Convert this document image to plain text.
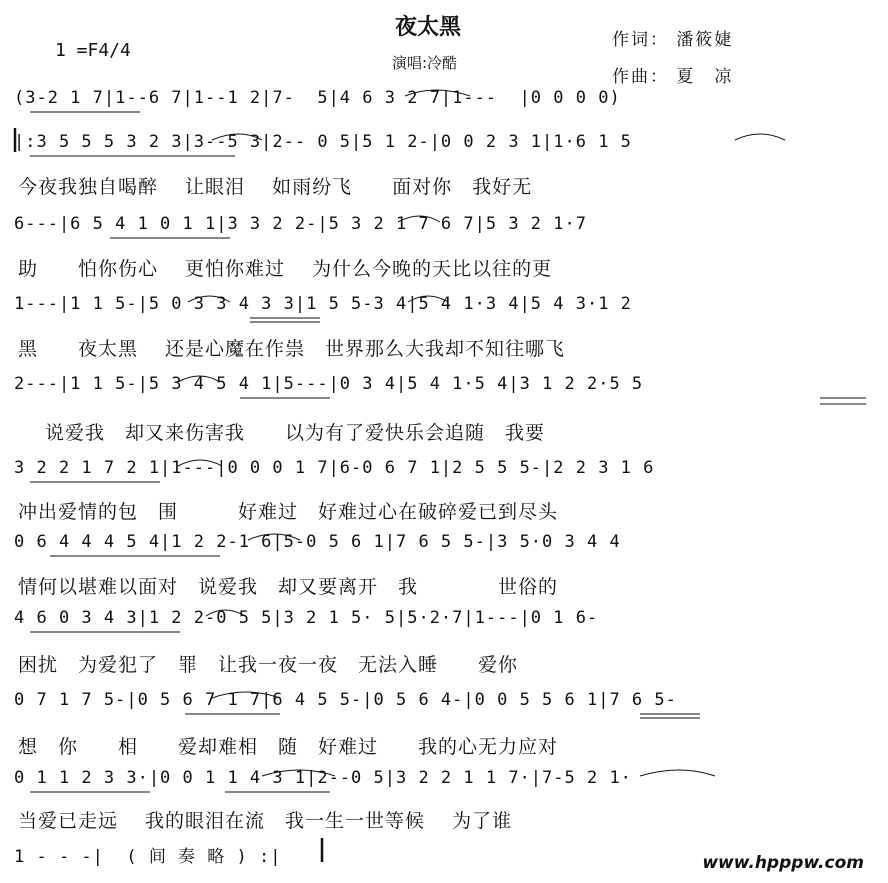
夜太黑
1 =F4/4
演唱:冷酷
作词： 潘筱婕
作曲： 夏　凉
(3-2 1 7|1--6 7|1--1 2|7-  5|4 6 3 2 7|1---  |0 0 0 0)
|:3 5 5 5 3 2 3|3--5 3|2-- 0 5|5 1 2-|0 0 2 3 1|1·6 1 5
今夜我独自喝醉　 让眼泪　 如雨纷飞　　面对你　我好无
6---|6 5 4 1 0 1 1|3 3 2 2-|5 3 2 1 7 6 7|5 3 2 1·7
助　　怕你伤心　 更怕你难过　 为什么今晚的天比以往的更
1---|1 1 5-|5 0 3 3 4 3 3|1 5 5-3 4|5 4 1·3 4|5 4 3·1 2
黑　　夜太黑　 还是心魔在作祟　世界那么大我却不知往哪飞
2---|1 1 5-|5 3 4 5 4 1|5---|0 3 4|5 4 1·5 4|3 1 2 2·5 5
　 说爱我　却又来伤害我　　以为有了爱快乐会追随　我要
3 2 2 1 7 2 1|1---|0 0 0 1 7|6-0 6 7 1|2 5 5 5-|2 2 3 1 6
冲出爱情的包　围　　　好难过　好难过心在破碎爱已到尽头
0 6 4 4 4 5 4|1 2 2-1 6|5-0 5 6 1|7 6 5 5-|3 5·0 3 4 4
情何以堪难以面对　说爱我　却又要离开　我　　　　世俗的
4 6 0 3 4 3|1 2 2-0 5 5|3 2 1 5· 5|5·2·7|1---|0 1 6-
困扰　为爱犯了　罪　让我一夜一夜　无法入睡　　爱你
0 7 1 7 5-|0 5 6 7 1 7|6 4 5 5-|0 5 6 4-|0 0 5 5 6 1|7 6 5-
想　你　　相　　爱却难相　随　好难过　　我的心无力应对
0 1 1 2 3 3·|0 0 1 1 4 3 1|2--0 5|3 2 2 1 1 7·|7-5 2 1·
当爱已走远　 我的眼泪在流　我一生一世等候　 为了谁
1 - - -|  ( 间 奏 略 ) :|	www.hpppw.com
